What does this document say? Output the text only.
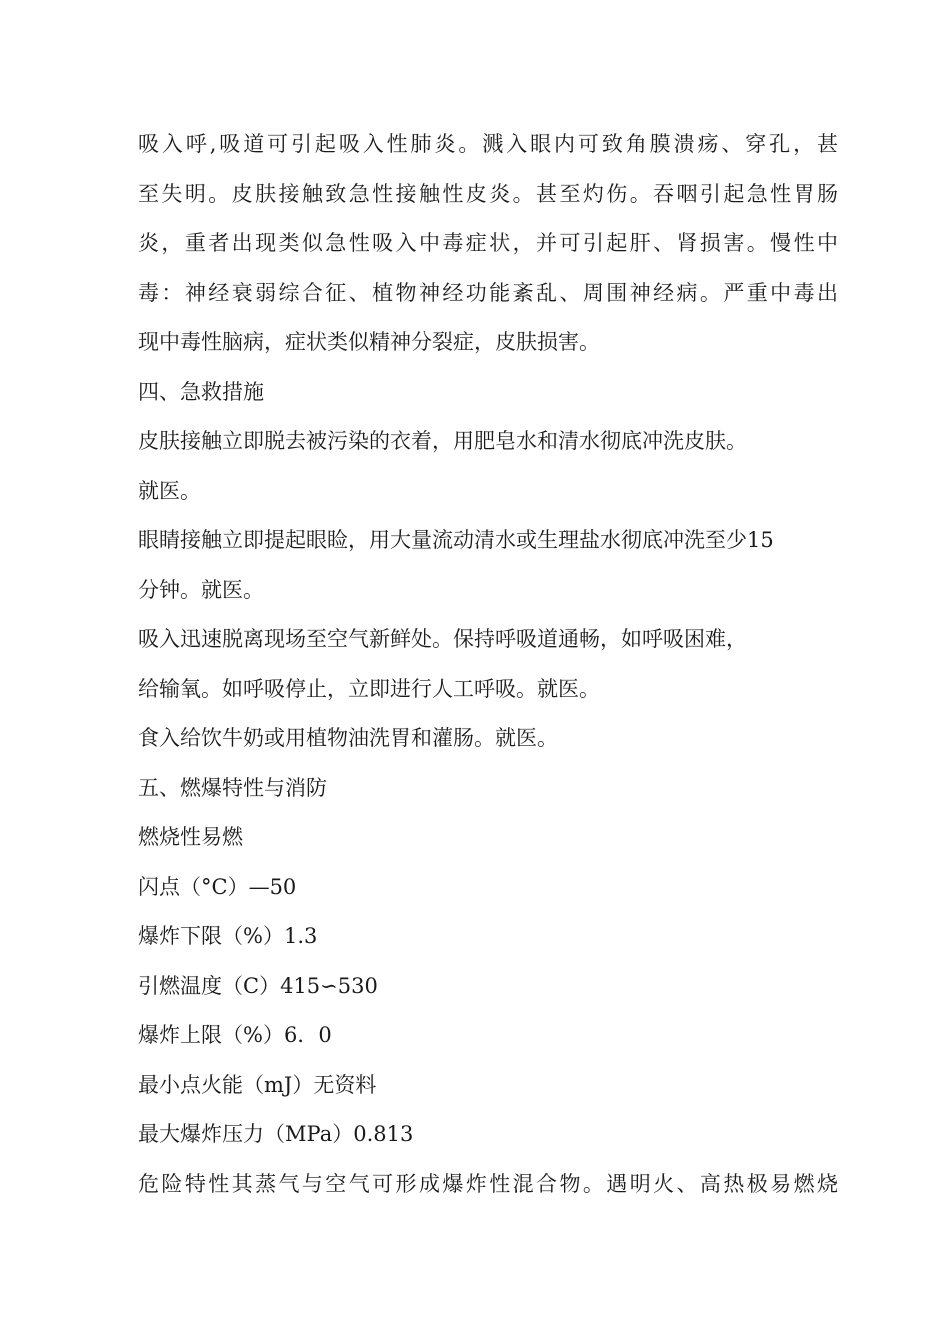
吸入呼,吸道可引起吸入性肺炎。溅入眼内可致角膜溃疡、穿孔，甚
至失明。皮肤接触致急性接触性皮炎。甚至灼伤。吞咽引起急性胃肠
炎，重者出现类似急性吸入中毒症状，并可引起肝、肾损害。慢性中
毒：神经衰弱综合征、植物神经功能紊乱、周围神经病。严重中毒出
现中毒性脑病，症状类似精神分裂症，皮肤损害。
四、急救措施
皮肤接触立即脱去被污染的衣着，用肥皂水和清水彻底冲洗皮肤。
就医。
眼睛接触立即提起眼睑，用大量流动清水或生理盐水彻底冲洗至少15
分钟。就医。
吸入迅速脱离现场至空气新鲜处。保持呼吸道通畅，如呼吸困难，
给输氧。如呼吸停止，立即进行人工呼吸。就医。
食入给饮牛奶或用植物油洗胃和灌肠。就医。
五、燃爆特性与消防
燃烧性易燃
闪点（°C）—50
爆炸下限（%）1.3
引燃温度（C）415∽530
爆炸上限（%）6．0
最小点火能（mJ）无资料
最大爆炸压力（MPa）0.813
危险特性其蒸气与空气可形成爆炸性混合物。遇明火、高热极易燃烧
